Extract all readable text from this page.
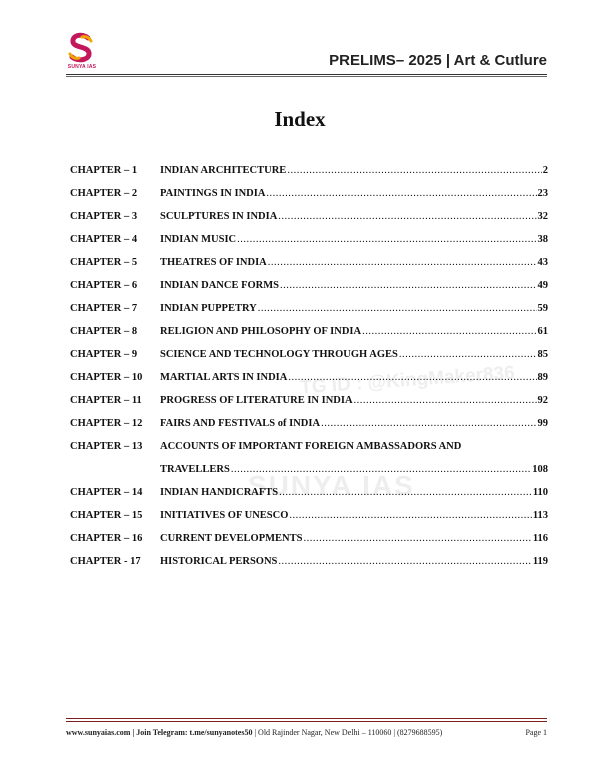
SUNYA IAS	PRELIMS– 2025 | Art & Cutlure
Index
TG ID : @KingMaker836
SUNYA IAS
CHAPTER – 1	INDIAN ARCHITECTURE .....	2
CHAPTER – 2	PAINTINGS IN INDIA .....	23
CHAPTER – 3	SCULPTURES IN INDIA .....	32
CHAPTER – 4	INDIAN MUSIC .....	38
CHAPTER – 5	THEATRES OF INDIA .....	43
CHAPTER – 6	INDIAN DANCE FORMS .....	49
CHAPTER – 7	INDIAN PUPPETRY .....	59
CHAPTER – 8	RELIGION AND PHILOSOPHY OF INDIA .....	61
CHAPTER – 9	SCIENCE AND TECHNOLOGY THROUGH AGES .....	85
CHAPTER – 10	MARTIAL ARTS IN INDIA .....	89
CHAPTER – 11	PROGRESS OF LITERATURE IN INDIA .....	92
CHAPTER – 12	FAIRS AND FESTIVALS of INDIA .....	99
CHAPTER – 13	ACCOUNTS OF IMPORTANT FOREIGN AMBASSADORS AND
TRAVELLERS .....	108
CHAPTER – 14	INDIAN HANDICRAFTS .....	110
CHAPTER – 15	INITIATIVES OF UNESCO .....	113
CHAPTER – 16	CURRENT DEVELOPMENTS .....	116
CHAPTER - 17	HISTORICAL PERSONS .....	119
www.sunyaias.com | Join Telegram: t.me/sunyanotes50 | Old Rajinder Nagar, New Delhi – 110060 | (8279688595)	Page 1
